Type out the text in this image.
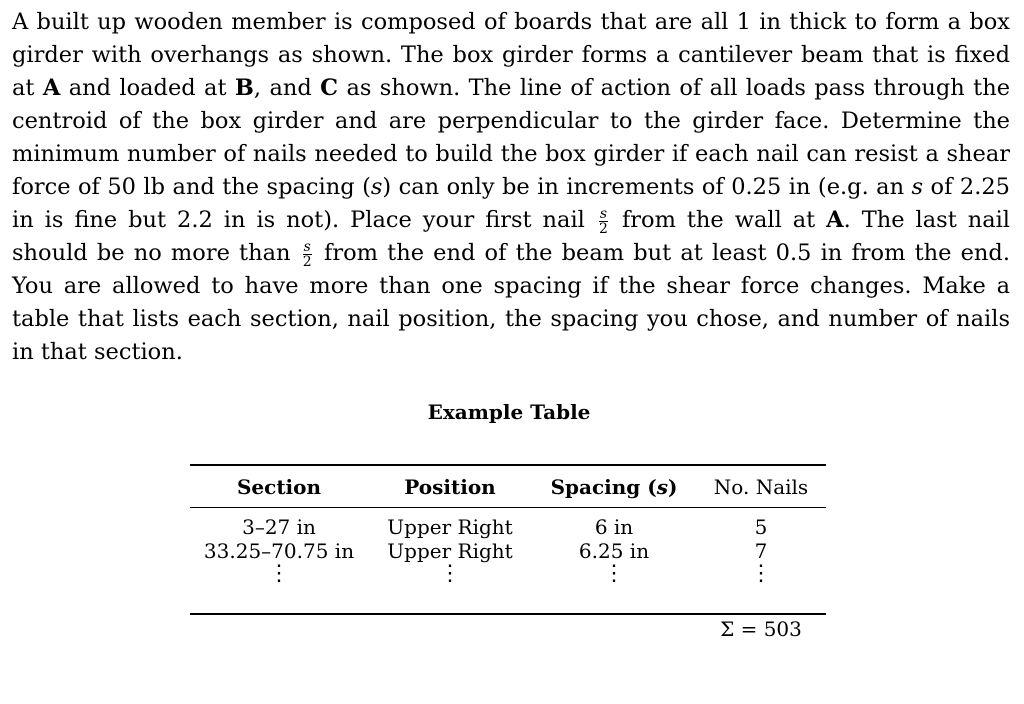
A built up wooden member is composed of boards that are all 1 in thick to form a box girder with overhangs as shown. The box girder forms a cantilever beam that is fixed at A and loaded at B, and C as shown. The line of action of all loads pass through the centroid of the box girder and are perpendicular to the girder face. Determine the minimum number of nails needed to build the box girder if each nail can resist a shear force of 50 lb and the spacing (s) can only be in increments of 0.25 in (e.g. an s of 2.25 in is fine but 2.2 in is not). Place your first nail $\frac{s}{2}$ from the wall at A. The last nail should be no more than $\frac{s}{2}$ from the end of the beam but at least 0.5 in from the end. You are allowed to have more than one spacing if the shear force changes. Make a table that lists each section, nail position, the spacing you chose, and number of nails in that section.

Example Table
Section	Position	Spacing (s)	No. Nails
3–27 in	Upper Right	6 in	5
33.25–70.75 in	Upper Right	6.25 in	7
⋮	⋮	⋮	⋮
			Σ = 503
